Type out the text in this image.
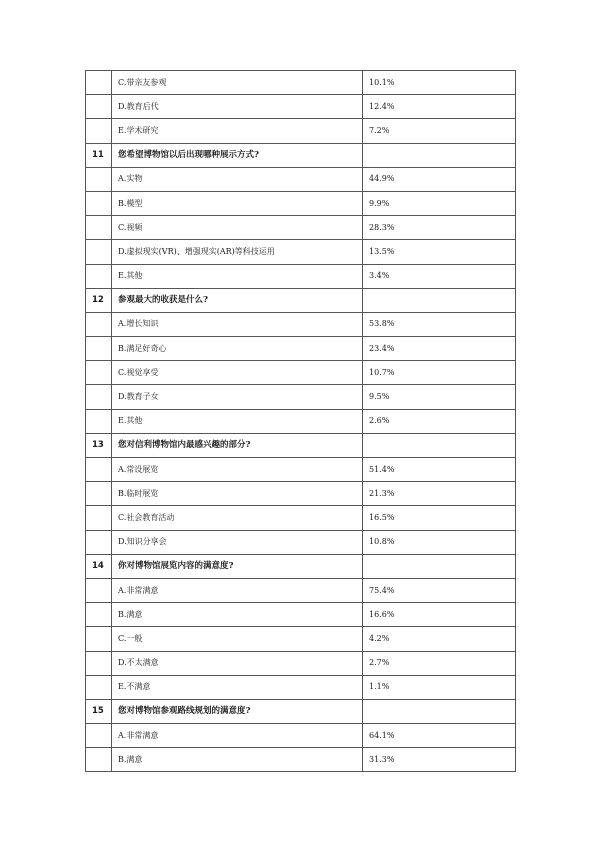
	C.带亲友参观	10.1%
	D.教育后代	12.4%
	E.学术研究	7.2%
11	您希望博物馆以后出现哪种展示方式?	
	A.实物	44.9%
	B.模型	9.9%
	C.视频	28.3%
	D.虚拟现实(VR)、增强现实(AR)等科技运用	13.5%
	E.其他	3.4%
12	参观最大的收获是什么?	
	A.增长知识	53.8%
	B.满足好奇心	23.4%
	C.视觉享受	10.7%
	D.教育子女	9.5%
	E.其他	2.6%
13	您对信利博物馆内最感兴趣的部分?	
	A.常设展览	51.4%
	B.临时展览	21.3%
	C.社会教育活动	16.5%
	D.知识分享会	10.8%
14	你对博物馆展览内容的满意度?	
	A.非常满意	75.4%
	B.满意	16.6%
	C.一般	4.2%
	D.不太满意	2.7%
	E.不满意	1.1%
15	您对博物馆参观路线规划的满意度?	
	A.非常满意	64.1%
	B.满意	31.3%
